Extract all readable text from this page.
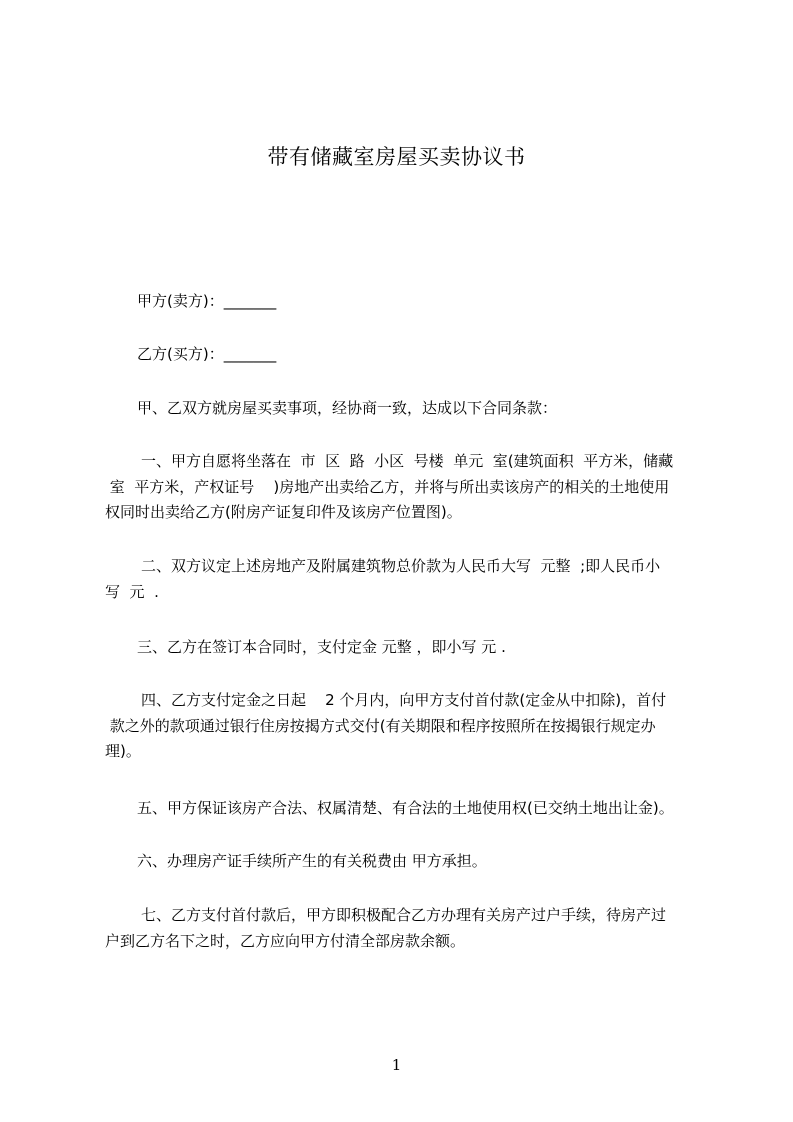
带有储藏室房屋买卖协议书
甲方(卖方)：_______
乙方(买方)：_______
甲、乙双方就房屋买卖事项，经协商一致，达成以下合同条款：
一、甲方自愿将坐落在  市  区  路  小区  号楼  单元  室(建筑面积  平方米，储藏
室  平方米，产权证号    )房地产出卖给乙方，并将与所出卖该房产的相关的土地使用
权同时出卖给乙方(附房产证复印件及该房产位置图)。
二、双方议定上述房地产及附属建筑物总价款为人民币大写  元整  ;即人民币小
写  元  .
三、乙方在签订本合同时，支付定金 元整 ，即小写 元 .
四、乙方支付定金之日起    2 个月内，向甲方支付首付款(定金从中扣除)，首付
款之外的款项通过银行住房按揭方式交付(有关期限和程序按照所在按揭银行规定办
理)。
五、甲方保证该房产合法、权属清楚、有合法的土地使用权(已交纳土地出让金)。
六、办理房产证手续所产生的有关税费由 甲方承担。
七、乙方支付首付款后，甲方即积极配合乙方办理有关房产过户手续，待房产过
户到乙方名下之时，乙方应向甲方付清全部房款余额。
1
